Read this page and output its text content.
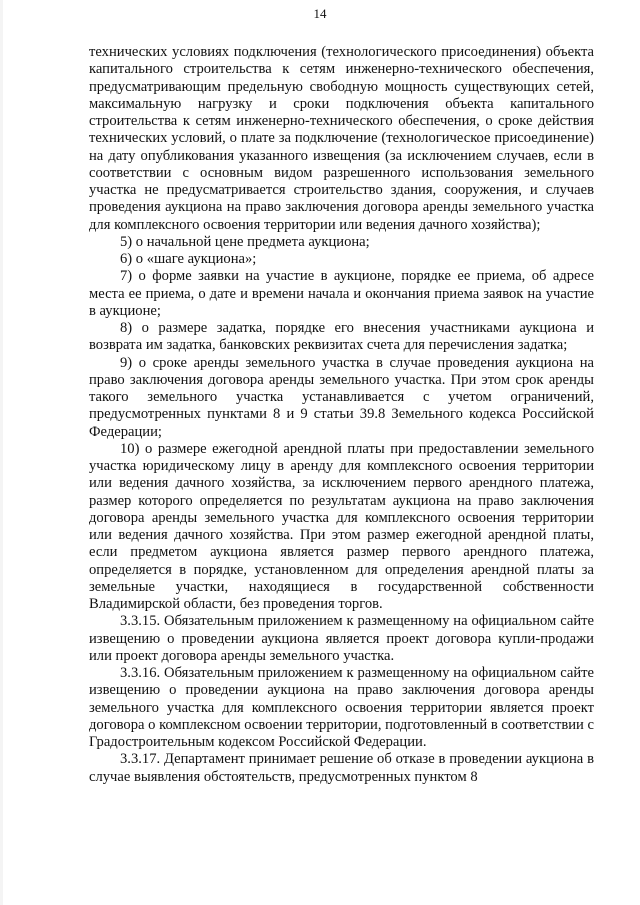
14

технических условиях подключения (технологического присоединения) объекта капитального строительства к сетям инженерно-технического обеспечения, предусматривающим предельную свободную мощность существующих сетей, максимальную нагрузку и сроки подключения объекта капитального строительства к сетям инженерно-технического обеспечения, о сроке действия технических условий, о плате за подключение (технологическое присоединение) на дату опубликования указанного извещения (за исключением случаев, если в соответствии с основным видом разрешенного использования земельного участка не предусматривается строительство здания, сооружения, и случаев проведения аукциона на право заключения договора аренды земельного участка для комплексного освоения территории или ведения дачного хозяйства);

5) о начальной цене предмета аукциона;

6) о «шаге аукциона»;

7) о форме заявки на участие в аукционе, порядке ее приема, об адресе места ее приема, о дате и времени начала и окончания приема заявок на участие в аукционе;

8) о размере задатка, порядке его внесения участниками аукциона и возврата им задатка, банковских реквизитах счета для перечисления задатка;

9) о сроке аренды земельного участка в случае проведения аукциона на право заключения договора аренды земельного участка. При этом срок аренды такого земельного участка устанавливается с учетом ограничений, предусмотренных пунктами 8 и 9 статьи 39.8 Земельного кодекса Российской Федерации;

10) о размере ежегодной арендной платы при предоставлении земельного участка юридическому лицу в аренду для комплексного освоения территории или ведения дачного хозяйства, за исключением первого арендного платежа, размер которого определяется по результатам аукциона на право заключения договора аренды земельного участка для комплексного освоения территории или ведения дачного хозяйства. При этом размер ежегодной арендной платы, если предметом аукциона является размер первого арендного платежа, определяется в порядке, установленном для определения арендной платы за земельные участки, находящиеся в государственной собственности Владимирской области, без проведения торгов.

3.3.15. Обязательным приложением к размещенному на официальном сайте извещению о проведении аукциона является проект договора купли-продажи или проект договора аренды земельного участка.

3.3.16. Обязательным приложением к размещенному на официальном сайте извещению о проведении аукциона на право заключения договора аренды земельного участка для комплексного освоения территории является проект договора о комплексном освоении территории, подготовленный в соответствии с Градостроительным кодексом Российской Федерации.

3.3.17. Департамент принимает решение об отказе в проведении аукциона в случае выявления обстоятельств, предусмотренных пунктом 8
